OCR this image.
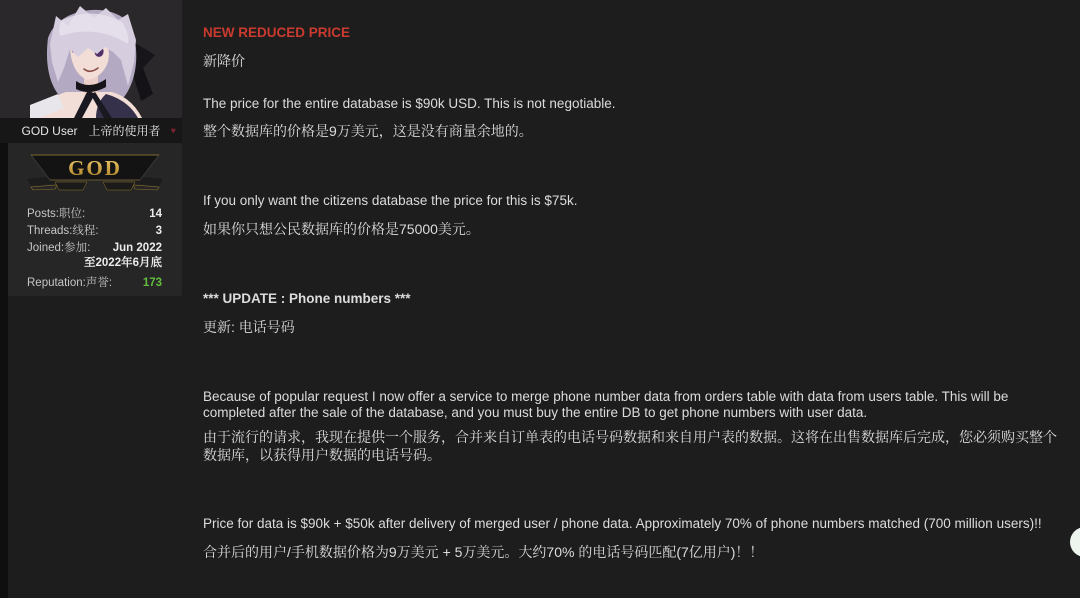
GOD User 上帝的使用者 ♥
GOD
Posts:职位:	14
Threads:线程:	3
Joined:参加: Jun 2022
至2022年6月底
Reputation:声誉:	173

NEW REDUCED PRICE

新降价

The price for the entire database is $90k USD. This is not negotiable.

整个数据库的价格是9万美元，这是没有商量余地的。

If you only want the citizens database the price for this is $75k.

如果你只想公民数据库的价格是75000美元。

*** UPDATE : Phone numbers ***

更新: 电话号码

Because of popular request I now offer a service to merge phone number data from orders table with data from users table. This will be completed after the sale of the database, and you must buy the entire DB to get phone numbers with user data.

由于流行的请求，我现在提供一个服务，合并来自订单表的电话号码数据和来自用户表的数据。这将在出售数据库后完成，您必须购买整个数据库，以获得用户数据的电话号码。

Price for data is $90k + $50k after delivery of merged user / phone data. Approximately 70% of phone numbers matched (700 million users)!!

合并后的用户/手机数据价格为9万美元 + 5万美元。大约70% 的电话号码匹配(7亿用户)！！
